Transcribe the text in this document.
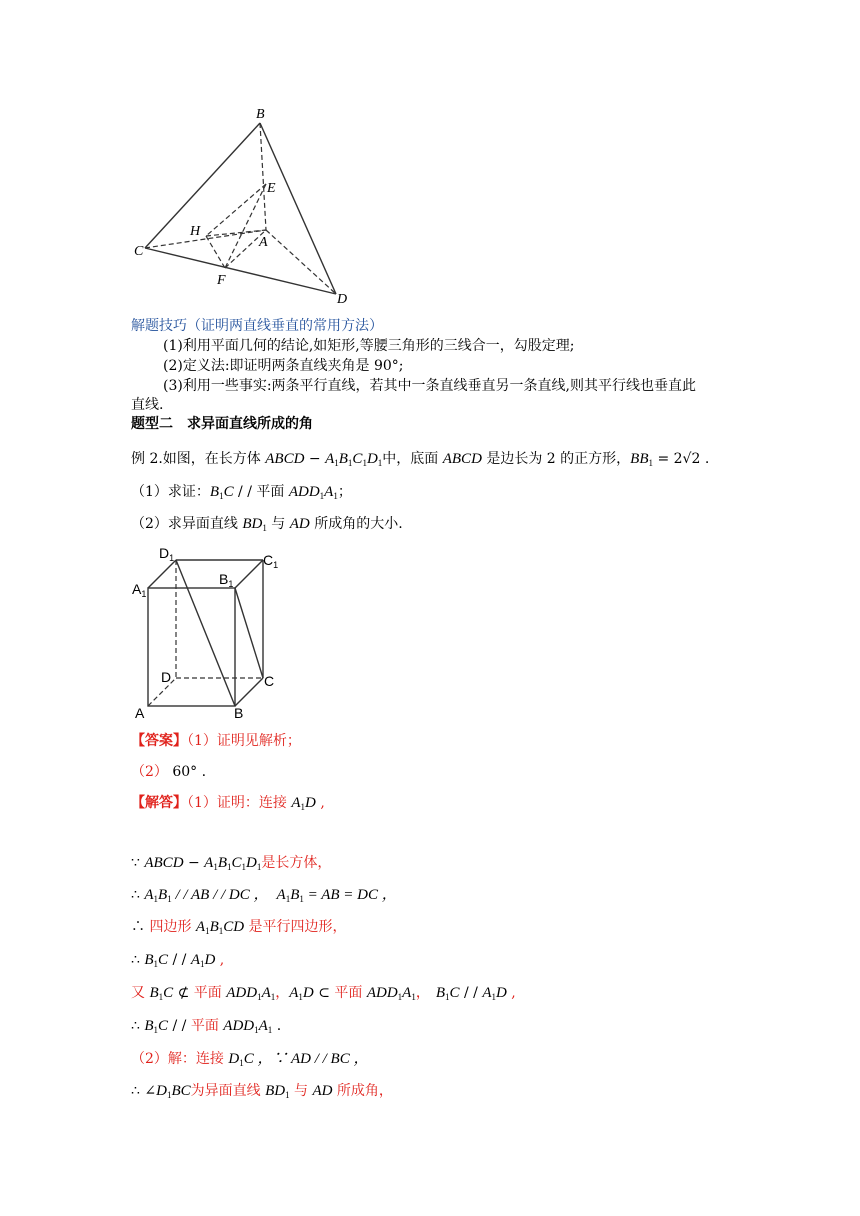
B
E
H
A
C
F
D
解题技巧（证明两直线垂直的常用方法）
(1)利用平面几何的结论,如矩形,等腰三角形的三线合一，勾股定理;
(2)定义法:即证明两条直线夹角是 90°;
(3)利用一些事实:两条平行直线，若其中一条直线垂直另一条直线,则其平行线也垂直此
直线.
题型二　求异面直线所成的角
例 2.如图，在长方体 ABCD − $A_1B_1C_1D_1$中，底面 ABCD 是边长为 2 的正方形，$BB_1 = 2√2$ .
（1）求证：$B_1C$ / / 平面 $ADD_1A_1$；
（2）求异面直线 $BD_1$ 与 AD 所成角的大小.
$D_1$	$C_1$
$A_1$
$B_1$
D	C
A	B
【答案】（1）证明见解析；
（2） 60° .
【解答】（1）证明：连接 $A_1D$ ,
∵ ABCD − $A_1B_1C_1D_1$是长方体，
∴ $A_1B_1$ / / AB / / DC ， $A_1B_1$ = AB = DC ，
∴ 四边形 $A_1B_1CD$ 是平行四边形，
∴ $B_1C$ / / $A_1D$ ,
又 $B_1C$ ⊄ 平面 $ADD_1A_1$，$A_1D$ ⊂ 平面 $ADD_1A_1$， $B_1C$ / / $A_1D$ ,
∴ $B_1C$ / / 平面 $ADD_1A_1$ .
（2）解：连接 $D_1C$ ，∵ AD / / BC ，
∴ $\angle D_1BC$为异面直线 $BD_1$ 与 AD 所成角，
